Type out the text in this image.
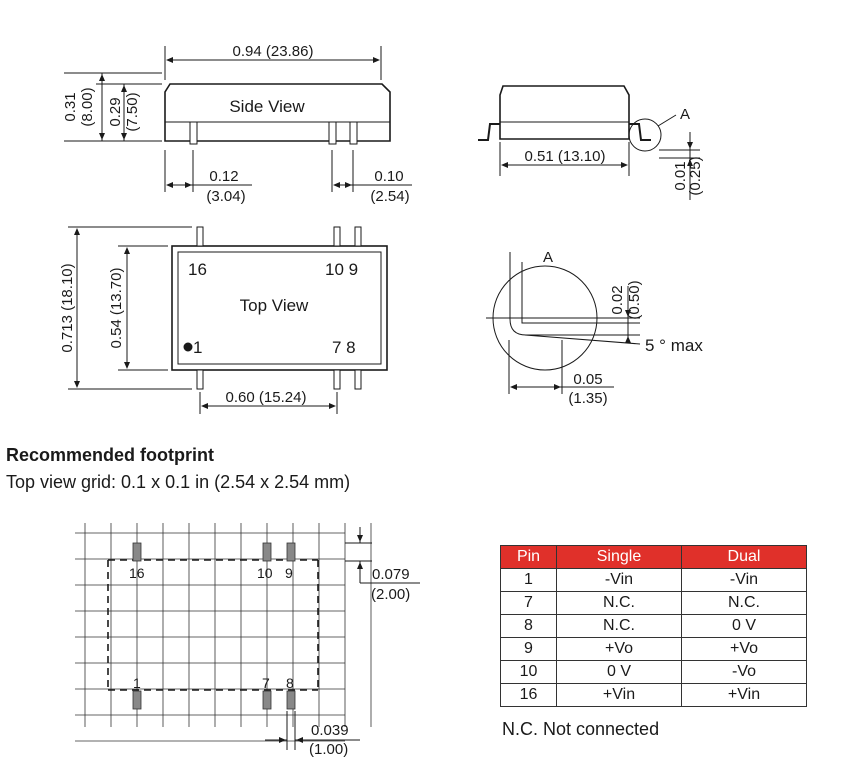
0.94 (23.86)
Side View
0.31 (8.00) 0.29 (7.50)
0.12
(3.04)
0.10
(2.54)
0.51 (13.10)
A
0.01
(0.25)
Top View
16	10 9
1	7 8
0.713 (18.10) 0.54 (13.70)
0.60 (15.24)
A
0.02 (0.50)
5 ° max
0.05
(1.35)
Recommended footprint
Top view grid: 0.1 x 0.1 in (2.54 x 2.54 mm)
16	10 9
1	7 8
0.079
(2.00)
0.039
(1.00)
Pin	Single	Dual
1	-Vin	-Vin
7	N.C.	N.C.
8	N.C.	0 V
9	+Vo	+Vo
10	0 V	-Vo
16	+Vin	+Vin
N.C. Not connected
